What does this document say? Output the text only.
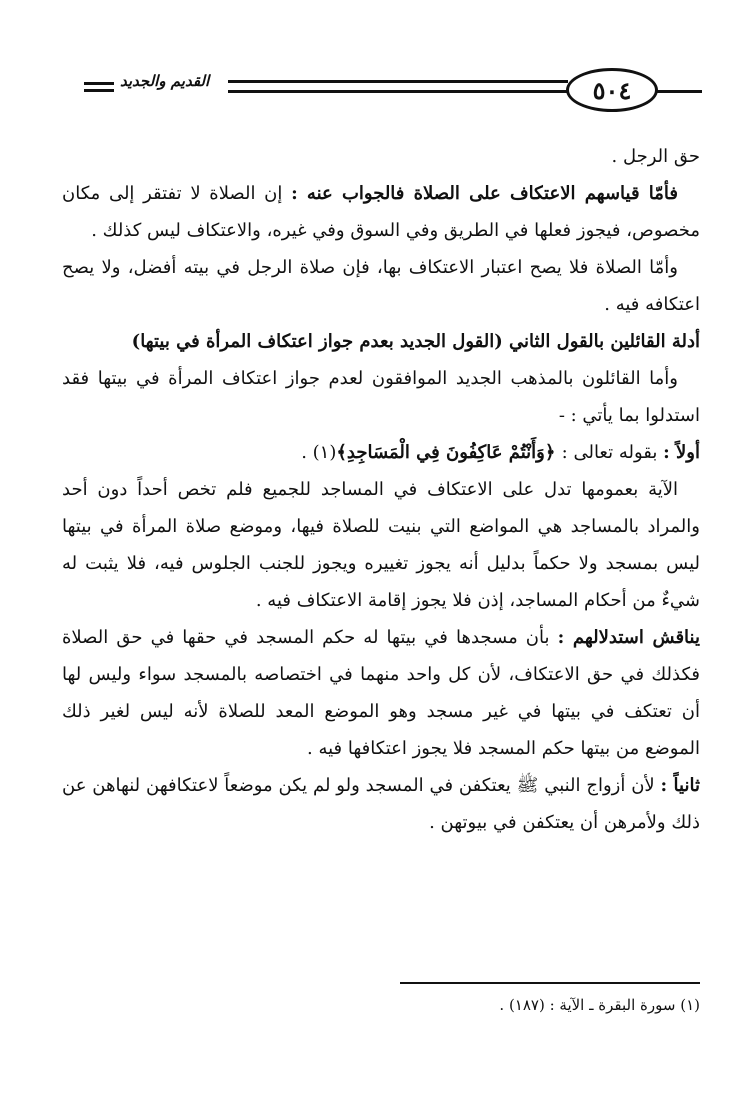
القديم والجديد	٥٠٤

حق الرجل .

فأمّا قياسهم الاعتكاف على الصلاة فالجواب عنه : إن الصلاة لا تفتقر إلى مكان مخصوص، فيجوز فعلها في الطريق وفي السوق وفي غيره، والاعتكاف ليس كذلك .

وأمّا الصلاة فلا يصح اعتبار الاعتكاف بها، فإن صلاة الرجل في بيته أفضل، ولا يصح اعتكافه فيه .

أدلة القائلين بالقول الثاني (القول الجديد بعدم جواز اعتكاف المرأة في بيتها)

وأما القائلون بالمذهب الجديد الموافقون لعدم جواز اعتكاف المرأة في بيتها فقد استدلوا بما يأتي : -

أولاً : بقوله تعالى : ﴿وَأَنْتُمْ عَاكِفُونَ فِي الْمَسَاجِدِ﴾(١) .

الآية بعمومها تدل على الاعتكاف في المساجد للجميع فلم تخص أحداً دون أحد والمراد بالمساجد هي المواضع التي بنيت للصلاة فيها، وموضع صلاة المرأة في بيتها ليس بمسجد ولا حكماً بدليل أنه يجوز تغييره ويجوز للجنب الجلوس فيه، فلا يثبت له شيءٌ من أحكام المساجد، إذن فلا يجوز إقامة الاعتكاف فيه .

يناقش استدلالهم : بأن مسجدها في بيتها له حكم المسجد في حقها في حق الصلاة فكذلك في حق الاعتكاف، لأن كل واحد منهما في اختصاصه بالمسجد سواء وليس لها أن تعتكف في بيتها في غير مسجد وهو الموضع المعد للصلاة لأنه ليس لغير ذلك الموضع من بيتها حكم المسجد فلا يجوز اعتكافها فيه .

ثانياً : لأن أزواج النبي ﷺ يعتكفن في المسجد ولو لم يكن موضعاً لاعتكافهن لنهاهن عن ذلك ولأمرهن أن يعتكفن في بيوتهن .

(١) سورة البقرة ـ الآية : (١٨٧) .
